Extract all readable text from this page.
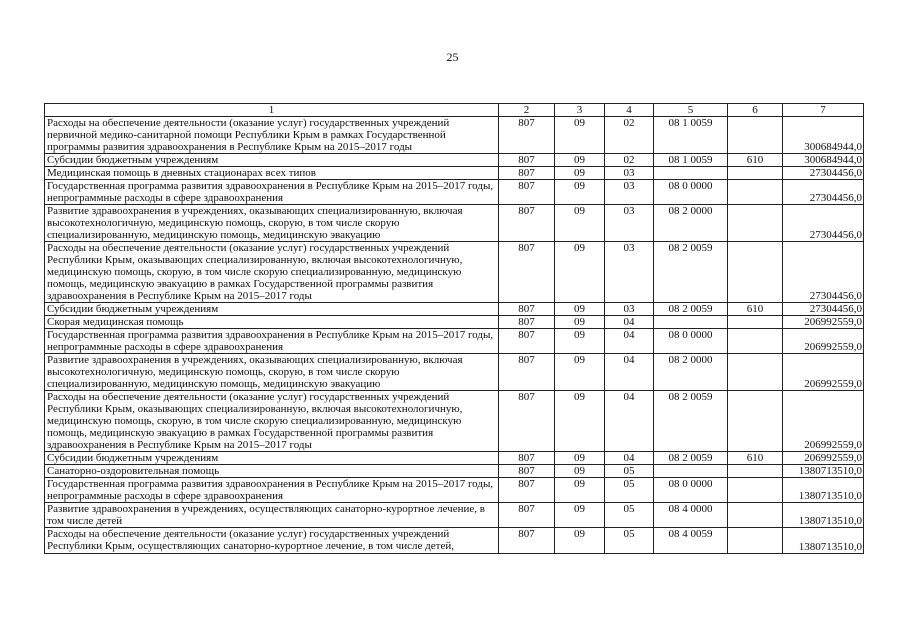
25
1	2	3	4	5	6	7
Расходы на обеспечение деятельности (оказание услуг) государственных учреждений первичной медико-санитарной помощи Республики Крым в рамках Государственной программы развития здравоохранения в Республике Крым на 2015–2017 годы	807	09	02	08 1 0059		300684944,0
Субсидии бюджетным учреждениям	807	09	02	08 1 0059	610	300684944,0
Медицинская помощь в дневных стационарах всех типов	807	09	03			27304456,0
Государственная программа развития здравоохранения в Республике Крым на 2015–2017 годы, непрограммные расходы в сфере здравоохранения	807	09	03	08 0 0000		27304456,0
Развитие здравоохранения в учреждениях, оказывающих специализированную, включая высокотехнологичную, медицинскую помощь, скорую, в том числе скорую специализированную, медицинскую помощь, медицинскую эвакуацию	807	09	03	08 2 0000		27304456,0
Расходы на обеспечение деятельности (оказание услуг) государственных учреждений Республики Крым, оказывающих специализированную, включая высокотехнологичную, медицинскую помощь, скорую, в том числе скорую специализированную, медицинскую помощь, медицинскую эвакуацию в рамках Государственной программы развития здравоохранения в Республике Крым на 2015–2017 годы	807	09	03	08 2 0059		27304456,0
Субсидии бюджетным учреждениям	807	09	03	08 2 0059	610	27304456,0
Скорая медицинская помощь	807	09	04			206992559,0
Государственная программа развития здравоохранения в Республике Крым на 2015–2017 годы, непрограммные расходы в сфере здравоохранения	807	09	04	08 0 0000		206992559,0
Развитие здравоохранения в учреждениях, оказывающих специализированную, включая высокотехнологичную, медицинскую помощь, скорую, в том числе скорую специализированную, медицинскую помощь, медицинскую эвакуацию	807	09	04	08 2 0000		206992559,0
Расходы на обеспечение деятельности (оказание услуг) государственных учреждений Республики Крым, оказывающих специализированную, включая высокотехнологичную, медицинскую помощь, скорую, в том числе скорую специализированную, медицинскую помощь, медицинскую эвакуацию в рамках Государственной программы развития здравоохранения в Республике Крым на 2015–2017 годы	807	09	04	08 2 0059		206992559,0
Субсидии бюджетным учреждениям	807	09	04	08 2 0059	610	206992559,0
Санаторно-оздоровительная помощь	807	09	05			1380713510,0
Государственная программа развития здравоохранения в Республике Крым на 2015–2017 годы, непрограммные расходы в сфере здравоохранения	807	09	05	08 0 0000		1380713510,0
Развитие здравоохранения в учреждениях, осуществляющих санаторно-курортное лечение, в том числе детей	807	09	05	08 4 0000		1380713510,0
Расходы на обеспечение деятельности (оказание услуг) государственных учреждений Республики Крым, осуществляющих санаторно-курортное лечение, в том числе детей,	807	09	05	08 4 0059		1380713510,0
